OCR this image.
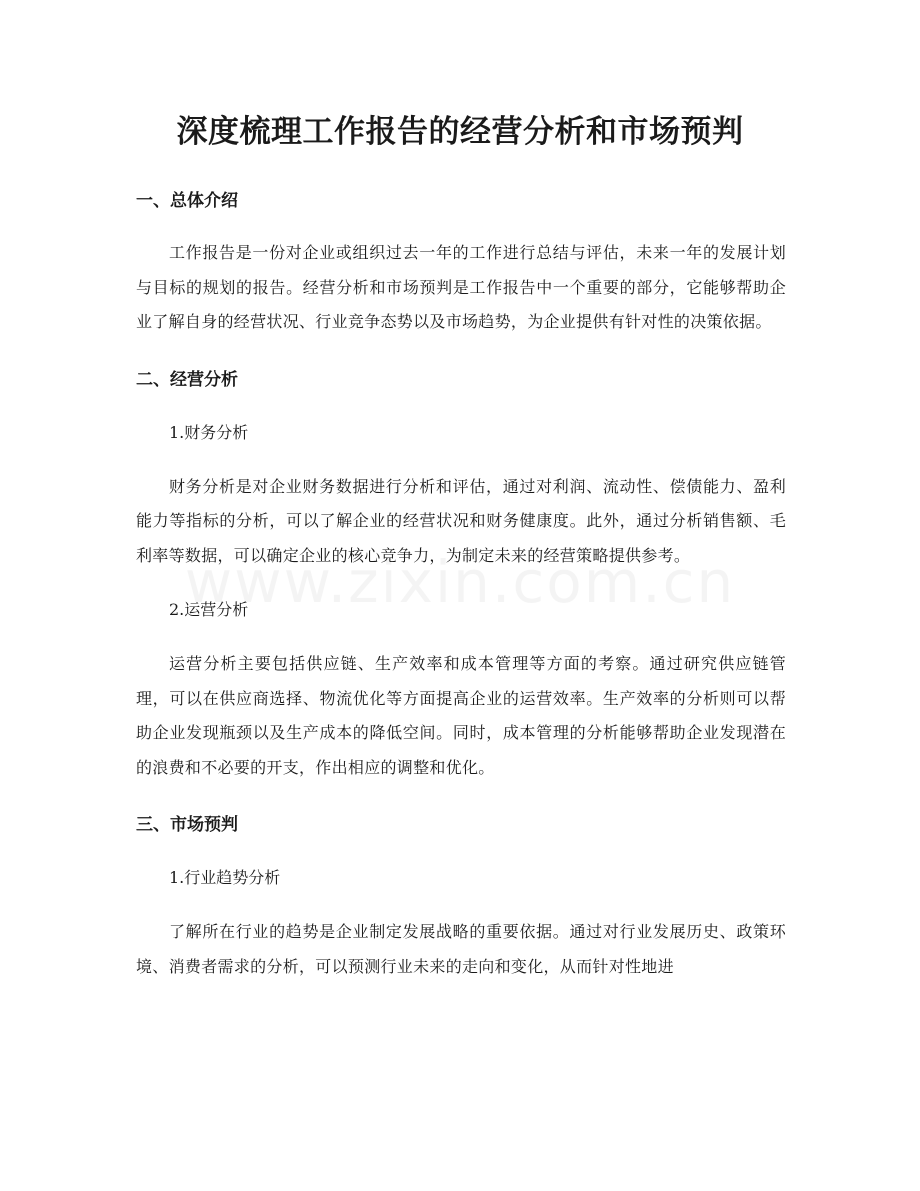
深度梳理工作报告的经营分析和市场预判
一、总体介绍

工作报告是一份对企业或组织过去一年的工作进行总结与评估，未来一年的发展计划与目标的规划的报告。经营分析和市场预判是工作报告中一个重要的部分，它能够帮助企业了解自身的经营状况、行业竞争态势以及市场趋势，为企业提供有针对性的决策依据。

二、经营分析

1.财务分析

财务分析是对企业财务数据进行分析和评估，通过对利润、流动性、偿债能力、盈利能力等指标的分析，可以了解企业的经营状况和财务健康度。此外，通过分析销售额、毛利率等数据，可以确定企业的核心竞争力，为制定未来的经营策略提供参考。

2.运营分析

运营分析主要包括供应链、生产效率和成本管理等方面的考察。通过研究供应链管理，可以在供应商选择、物流优化等方面提高企业的运营效率。生产效率的分析则可以帮助企业发现瓶颈以及生产成本的降低空间。同时，成本管理的分析能够帮助企业发现潜在的浪费和不必要的开支，作出相应的调整和优化。

三、市场预判

1.行业趋势分析

了解所在行业的趋势是企业制定发展战略的重要依据。通过对行业发展历史、政策环境、消费者需求的分析，可以预测行业未来的走向和变化，从而针对性地进
